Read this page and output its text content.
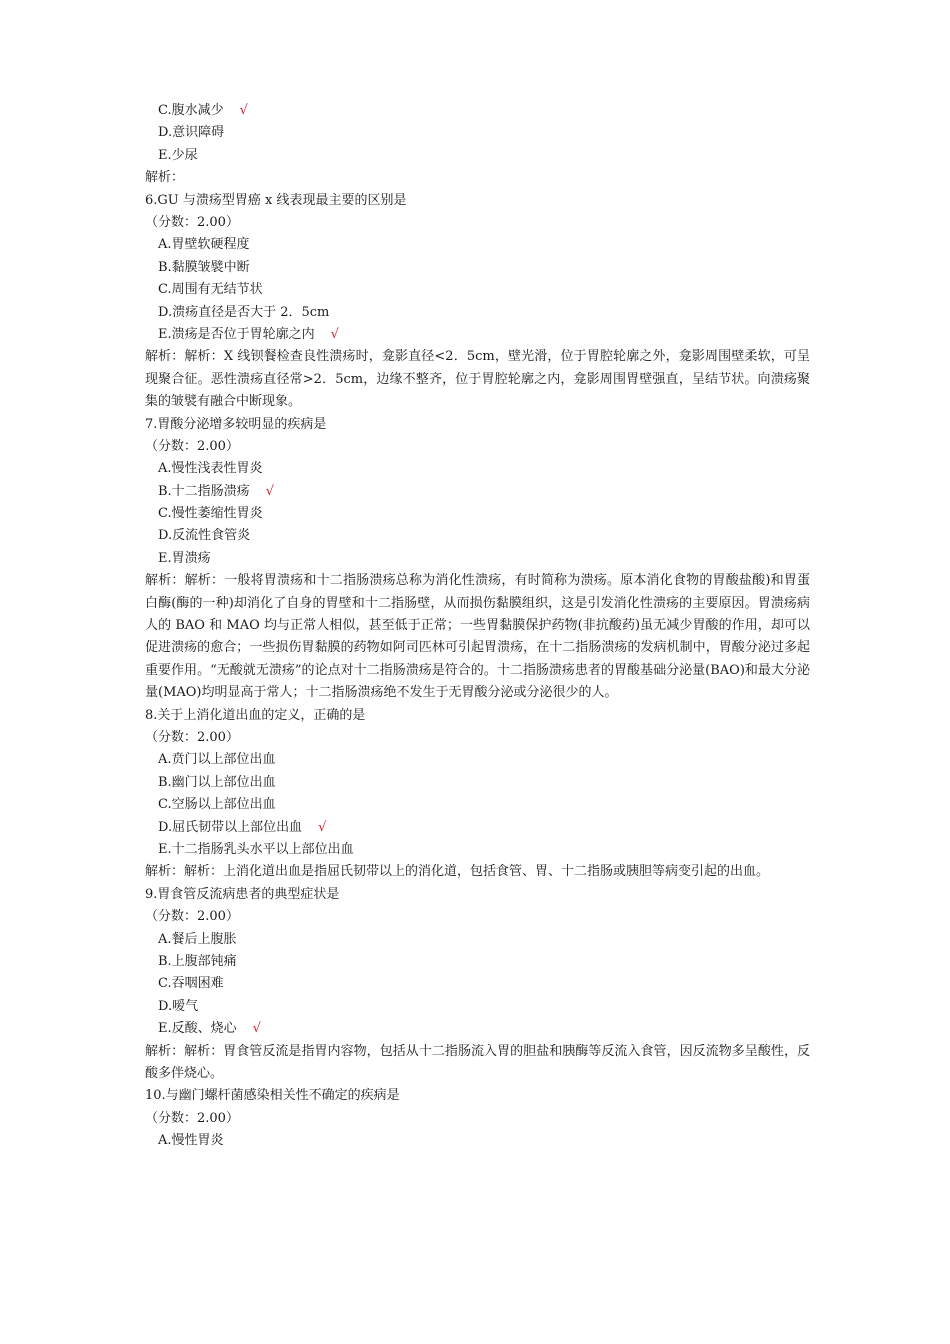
C.腹水减少 √
D.意识障碍
E.少尿
解析：
6.GU 与溃疡型胃癌 x 线表现最主要的区别是
（分数：2.00）
A.胃壁软硬程度
B.黏膜皱襞中断
C.周围有无结节状
D.溃疡直径是否大于 2．5cm
E.溃疡是否位于胃轮廓之内 √
解析：解析：X 线钡餐检查良性溃疡时，龛影直径<2．5cm，壁光滑，位于胃腔轮廓之外，龛影周围壁柔软，可呈现聚合征。恶性溃疡直径常>2．5cm，边缘不整齐，位于胃腔轮廓之内，龛影周围胃壁强直，呈结节状。向溃疡聚集的皱襞有融合中断现象。
7.胃酸分泌增多较明显的疾病是
（分数：2.00）
A.慢性浅表性胃炎
B.十二指肠溃疡 √
C.慢性萎缩性胃炎
D.反流性食管炎
E.胃溃疡
解析：解析：一般将胃溃疡和十二指肠溃疡总称为消化性溃疡，有时简称为溃疡。原本消化食物的胃酸盐酸)和胃蛋白酶(酶的一种)却消化了自身的胃壁和十二指肠壁，从而损伤黏膜组织，这是引发消化性溃疡的主要原因。胃溃疡病人的 BAO 和 MAO 均与正常人相似，甚至低于正常；一些胃黏膜保护药物(非抗酸药)虽无减少胃酸的作用，却可以促进溃疡的愈合；一些损伤胃黏膜的药物如阿司匹林可引起胃溃疡，在十二指肠溃疡的发病机制中，胃酸分泌过多起重要作用。“无酸就无溃疡”的论点对十二指肠溃疡是符合的。十二指肠溃疡患者的胃酸基础分泌量(BAO)和最大分泌量(MAO)均明显高于常人；十二指肠溃疡绝不发生于无胃酸分泌或分泌很少的人。
8.关于上消化道出血的定义，正确的是
（分数：2.00）
A.贲门以上部位出血
B.幽门以上部位出血
C.空肠以上部位出血
D.屈氏韧带以上部位出血 √
E.十二指肠乳头水平以上部位出血
解析：解析：上消化道出血是指屈氏韧带以上的消化道，包括食管、胃、十二指肠或胰胆等病变引起的出血。
9.胃食管反流病患者的典型症状是
（分数：2.00）
A.餐后上腹胀
B.上腹部钝痛
C.吞咽困难
D.嗳气
E.反酸、烧心 √
解析：解析：胃食管反流是指胃内容物，包括从十二指肠流入胃的胆盐和胰酶等反流入食管，因反流物多呈酸性，反酸多伴烧心。
10.与幽门螺杆菌感染相关性不确定的疾病是
（分数：2.00）
A.慢性胃炎
